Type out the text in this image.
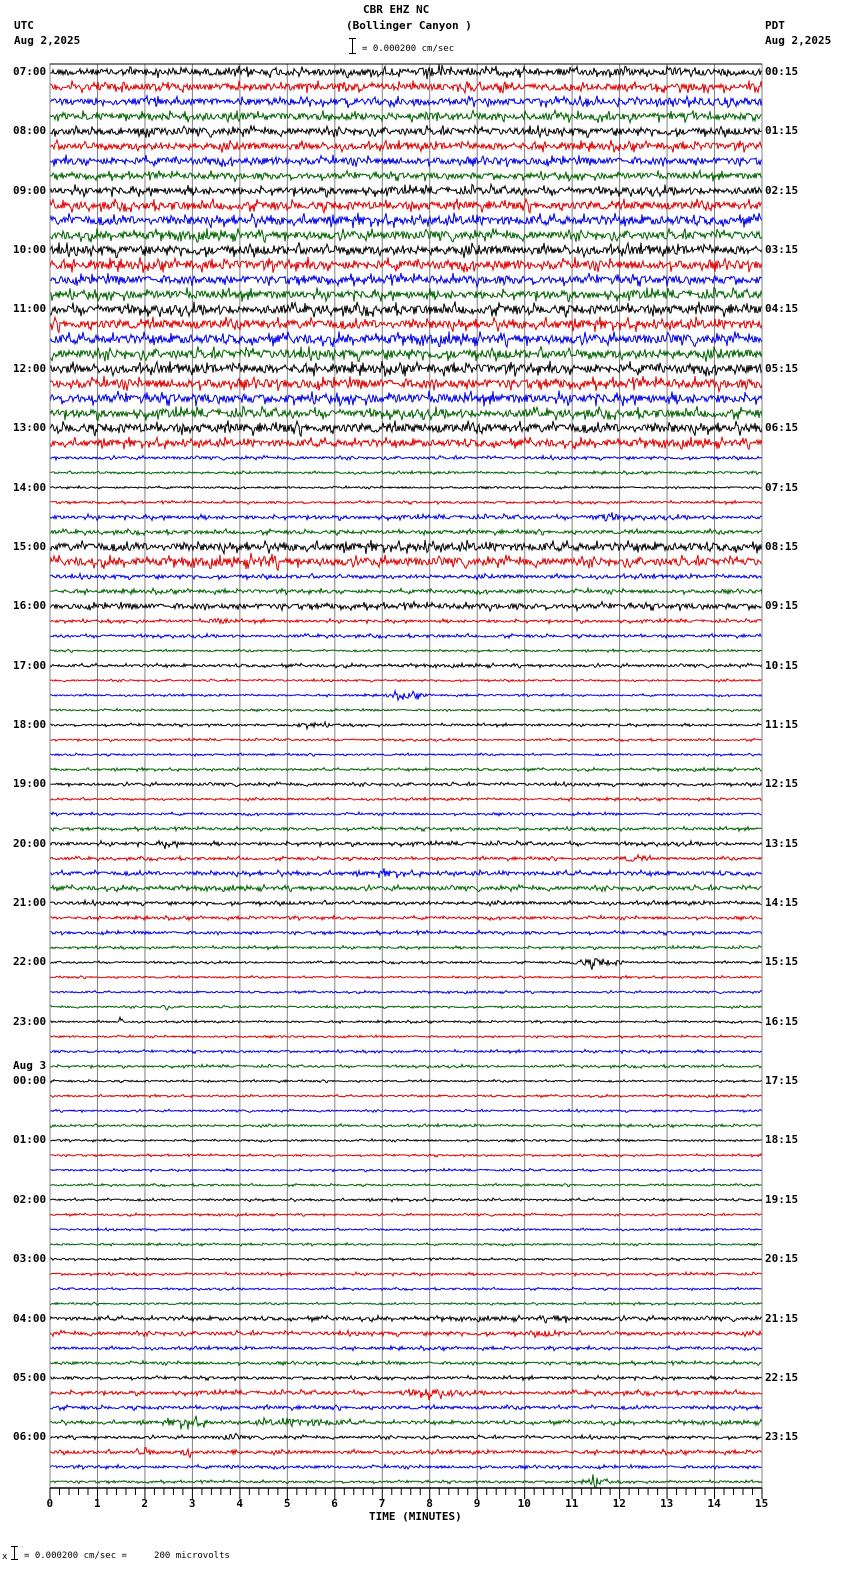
CBR EHZ NC
(Bollinger Canyon )
UTC
Aug 2,2025
PDT
Aug 2,2025
= 0.000200 cm/sec
07:00
08:00
09:00
10:00
11:00
12:00
13:00
14:00
15:00
16:00
17:00
18:00
19:00
20:00
21:00
22:00
23:00
Aug 3
00:00
01:00
02:00
03:00
04:00
05:00
06:00
00:15
01:15
02:15
03:15
04:15
05:15
06:15
07:15
08:15
09:15
10:15
11:15
12:15
13:15
14:15
15:15
16:15
17:15
18:15
19:15
20:15
21:15
22:15
23:15
0	1	2	3	4	5	6	7	8	9	10	11	12	13	14	15
TIME (MINUTES)
x = 0.000200 cm/sec =     200 microvolts
